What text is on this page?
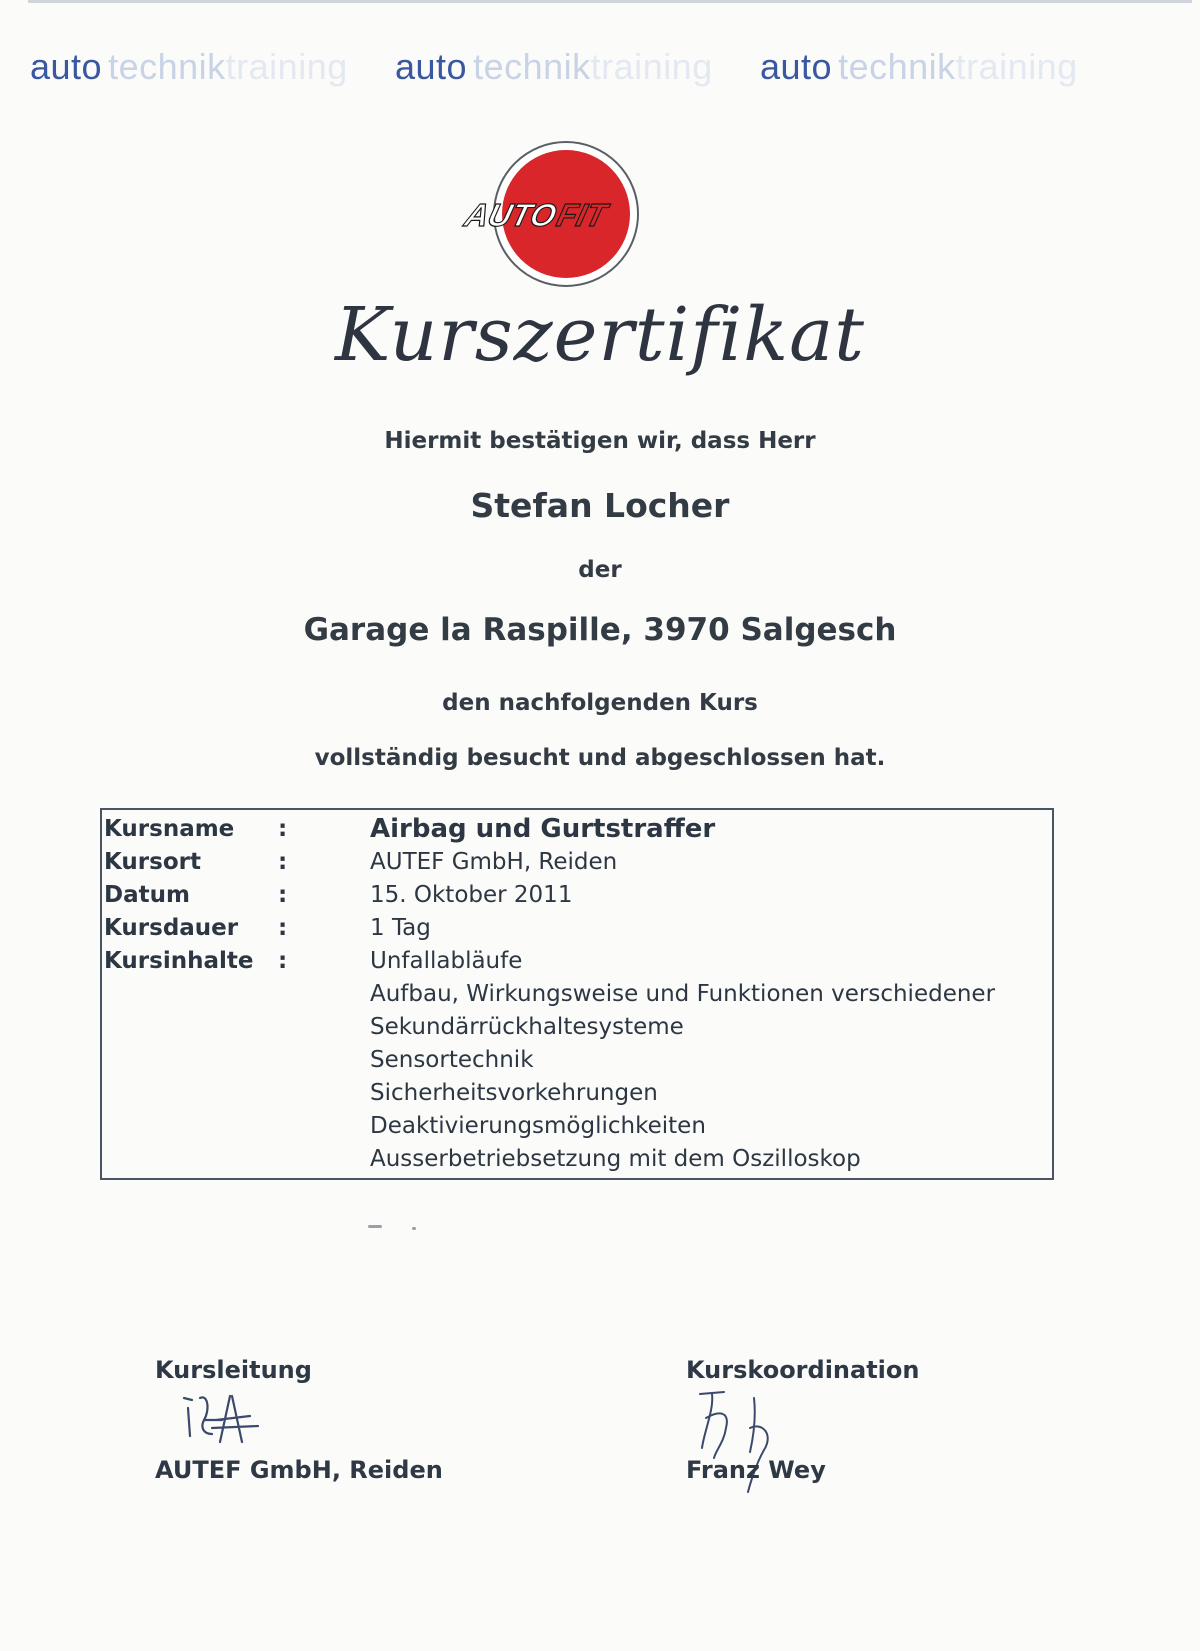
auto techniktraining auto techniktraining auto techniktraining
AUTO
FIT
Kurszertifikat
Hiermit bestätigen wir, dass Herr
Stefan Locher
der
Garage la Raspille, 3970 Salgesch
den nachfolgenden Kurs
vollständig besucht und abgeschlossen hat.
Kursname :	Airbag und Gurtstraffer
Kursort	:	AUTEF GmbH, Reiden
Datum	:	15. Oktober 2011
Kursdauer :	1 Tag
Kursinhalte :	Unfallabläufe
Aufbau, Wirkungsweise und Funktionen verschiedener
Sekundärrückhaltesysteme
Sensortechnik
Sicherheitsvorkehrungen
Deaktivierungsmöglichkeiten
Ausserbetriebsetzung mit dem Oszilloskop
Kursleitung
AUTEF GmbH, Reiden
Kurskoordination
Franz Wey
